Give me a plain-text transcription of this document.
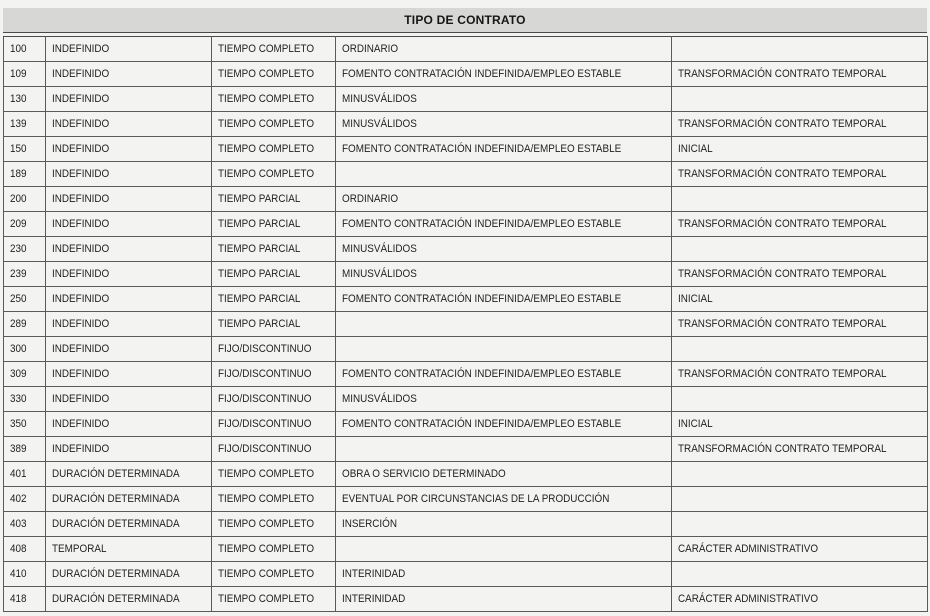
TIPO DE CONTRATO
100	INDEFINIDO	TIEMPO COMPLETO	ORDINARIO	
109	INDEFINIDO	TIEMPO COMPLETO	FOMENTO CONTRATACIÓN INDEFINIDA/EMPLEO ESTABLE	TRANSFORMACIÓN CONTRATO TEMPORAL
130	INDEFINIDO	TIEMPO COMPLETO	MINUSVÁLIDOS	
139	INDEFINIDO	TIEMPO COMPLETO	MINUSVÁLIDOS	TRANSFORMACIÓN CONTRATO TEMPORAL
150	INDEFINIDO	TIEMPO COMPLETO	FOMENTO CONTRATACIÓN INDEFINIDA/EMPLEO ESTABLE	INICIAL
189	INDEFINIDO	TIEMPO COMPLETO		TRANSFORMACIÓN CONTRATO TEMPORAL
200	INDEFINIDO	TIEMPO PARCIAL	ORDINARIO	
209	INDEFINIDO	TIEMPO PARCIAL	FOMENTO CONTRATACIÓN INDEFINIDA/EMPLEO ESTABLE	TRANSFORMACIÓN CONTRATO TEMPORAL
230	INDEFINIDO	TIEMPO PARCIAL	MINUSVÁLIDOS	
239	INDEFINIDO	TIEMPO PARCIAL	MINUSVÁLIDOS	TRANSFORMACIÓN CONTRATO TEMPORAL
250	INDEFINIDO	TIEMPO PARCIAL	FOMENTO CONTRATACIÓN INDEFINIDA/EMPLEO ESTABLE	INICIAL
289	INDEFINIDO	TIEMPO PARCIAL		TRANSFORMACIÓN CONTRATO TEMPORAL
300	INDEFINIDO	FIJO/DISCONTINUO		
309	INDEFINIDO	FIJO/DISCONTINUO	FOMENTO CONTRATACIÓN INDEFINIDA/EMPLEO ESTABLE	TRANSFORMACIÓN CONTRATO TEMPORAL
330	INDEFINIDO	FIJO/DISCONTINUO	MINUSVÁLIDOS	
350	INDEFINIDO	FIJO/DISCONTINUO	FOMENTO CONTRATACIÓN INDEFINIDA/EMPLEO ESTABLE	INICIAL
389	INDEFINIDO	FIJO/DISCONTINUO		TRANSFORMACIÓN CONTRATO TEMPORAL
401	DURACIÓN DETERMINADA	TIEMPO COMPLETO	OBRA O SERVICIO DETERMINADO	
402	DURACIÓN DETERMINADA	TIEMPO COMPLETO	EVENTUAL POR CIRCUNSTANCIAS DE LA PRODUCCIÓN	
403	DURACIÓN DETERMINADA	TIEMPO COMPLETO	INSERCIÓN	
408	TEMPORAL	TIEMPO COMPLETO		CARÁCTER ADMINISTRATIVO
410	DURACIÓN DETERMINADA	TIEMPO COMPLETO	INTERINIDAD	
418	DURACIÓN DETERMINADA	TIEMPO COMPLETO	INTERINIDAD	CARÁCTER ADMINISTRATIVO
